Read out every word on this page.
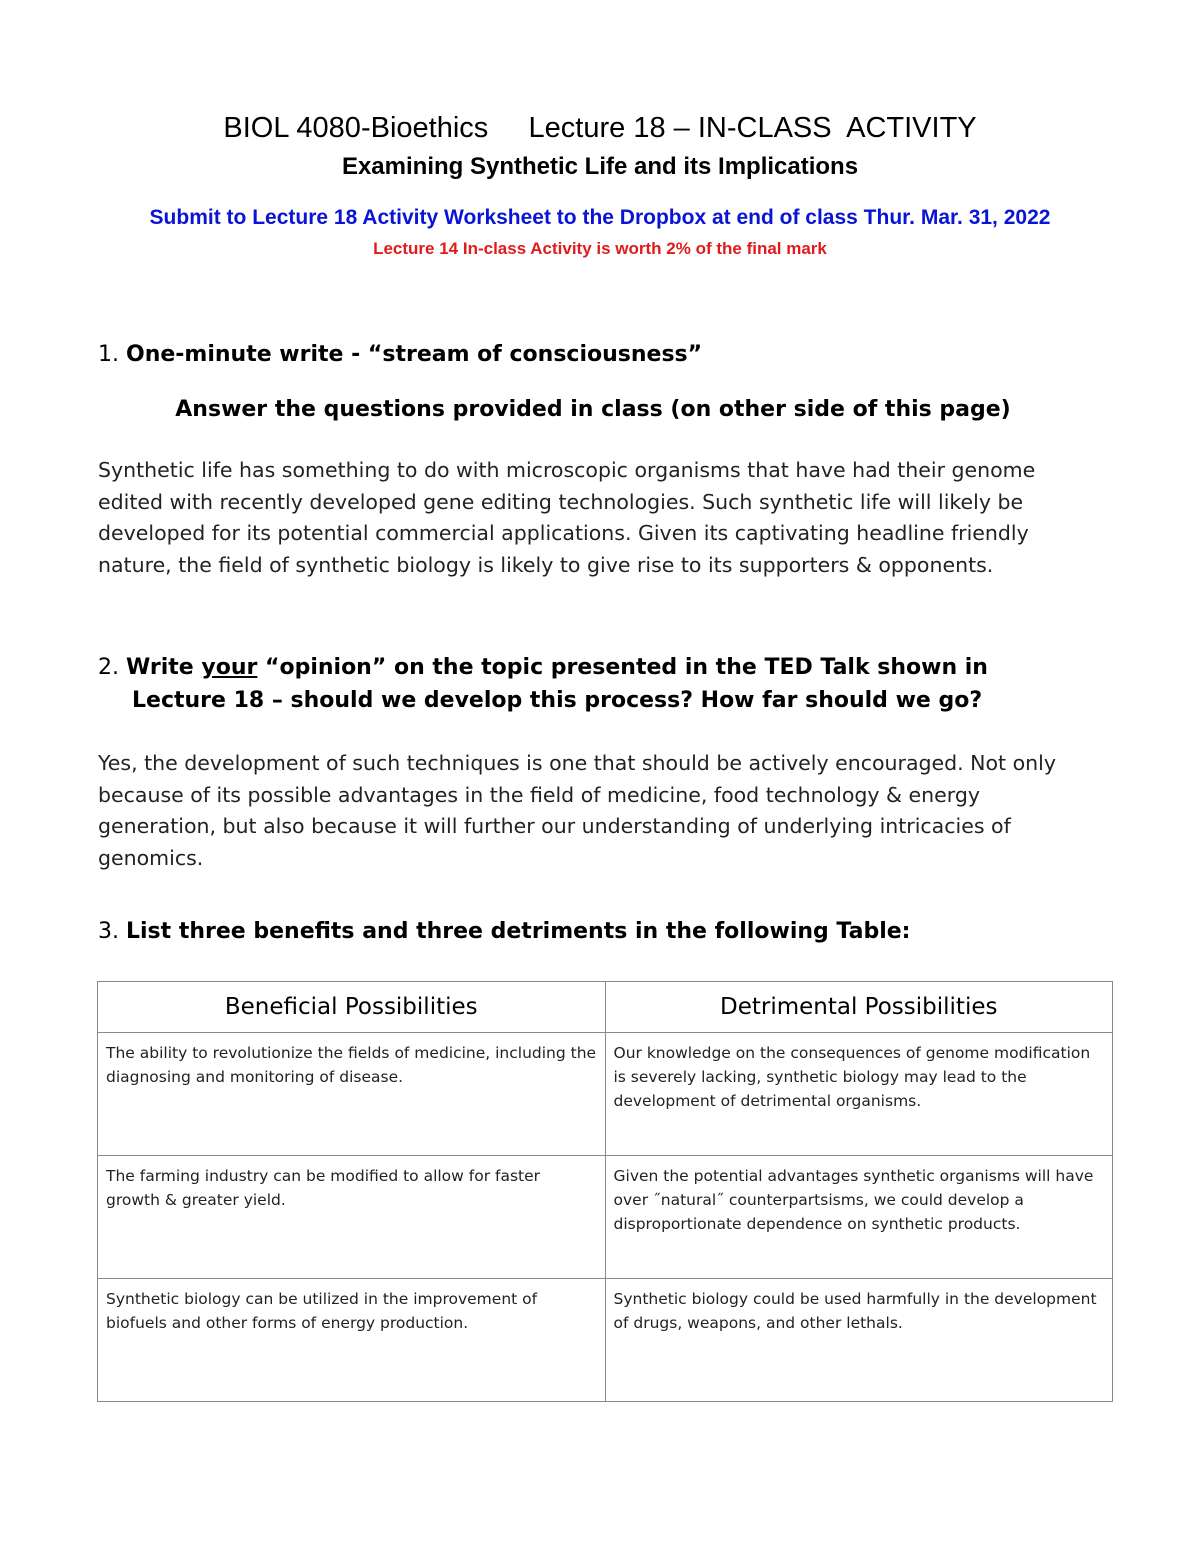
BIOL 4080-Bioethics     Lecture 18 – IN-CLASS  ACTIVITY
Examining Synthetic Life and its Implications
Submit to Lecture 18 Activity Worksheet to the Dropbox at end of class Thur. Mar. 31, 2022
Lecture 14 In-class Activity is worth 2% of the final mark
1. One-minute write - “stream of consciousness”
Answer the questions provided in class (on other side of this page)
Synthetic life has something to do with microscopic organisms that have had their genome edited with recently developed gene editing technologies. Such synthetic life will likely be developed for its potential commercial applications. Given its captivating headline friendly nature, the field of synthetic biology is likely to give rise to its supporters & opponents.
2. Write your “opinion” on the topic presented in the TED Talk shown in
Lecture 18 – should we develop this process? How far should we go?
Yes, the development of such techniques is one that should be actively encouraged. Not only because of its possible advantages in the field of medicine, food technology & energy generation, but also because it will further our understanding of underlying intricacies of genomics.
3. List three benefits and three detriments in the following Table:
Beneficial Possibilities	Detrimental Possibilities
The ability to revolutionize the fields of medicine, including the diagnosing and monitoring of disease.	Our knowledge on the consequences of genome modification is severely lacking, synthetic biology may lead to the development of detrimental organisms.
The farming industry can be modified to allow for faster growth & greater yield.	Given the potential advantages synthetic organisms will have over ˝natural˝ counterpartsisms, we could develop a disproportionate dependence on synthetic products.
Synthetic biology can be utilized in the improvement of biofuels and other forms of energy production.	Synthetic biology could be used harmfully in the development of drugs, weapons, and other lethals.
